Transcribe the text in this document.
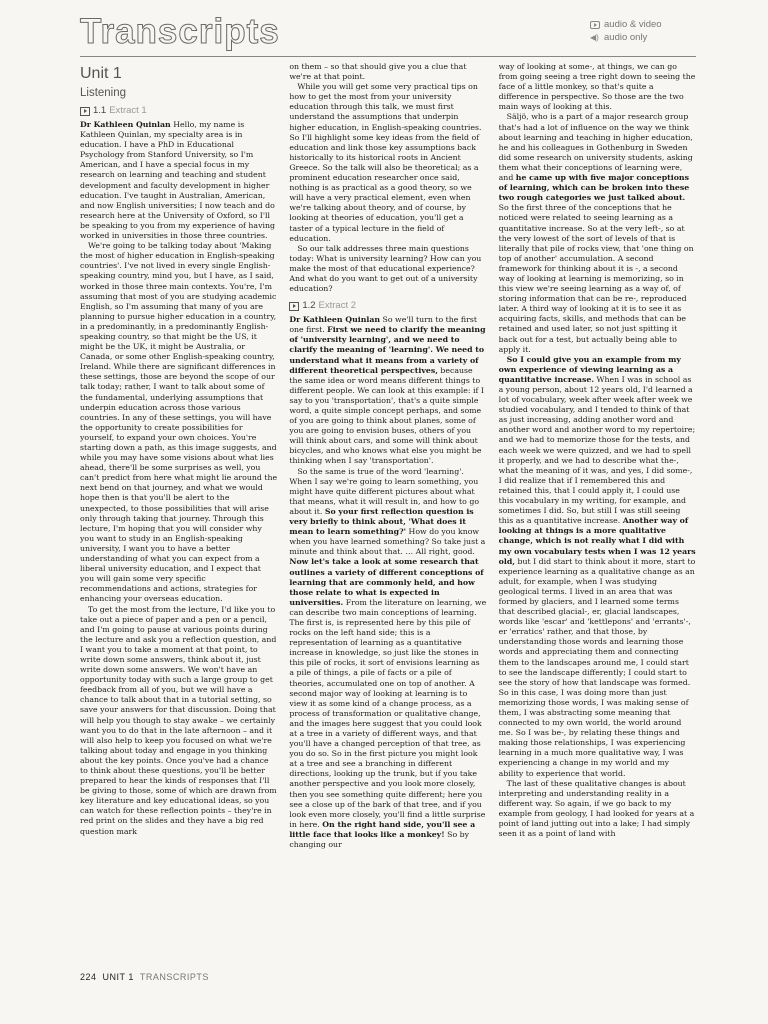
Transcripts	audio & video
◀) audio only
Unit 1
Listening
1.1 Extract 1

Dr Kathleen Quinlan Hello, my name is Kathleen Quinlan, my specialty area is in education. I have a PhD in Educational Psychology from Stanford University, so I'm American, and I have a special focus in my research on learning and teaching and student development and faculty development in higher education. I've taught in Australian, American, and now English universities; I now teach and do research here at the University of Oxford, so I'll be speaking to you from my experience of having worked in universities in those three countries.

We're going to be talking today about 'Making the most of higher education in English-speaking countries'. I've not lived in every single English-speaking country, mind you, but I have, as I said, worked in those three main contexts. You're, I'm assuming that most of you are studying academic English, so I'm assuming that many of you are planning to pursue higher education in a country, in a predominantly, in a predominantly English-speaking country, so that might be the US, it might be the UK, it might be Australia, or Canada, or some other English-speaking country, Ireland. While there are significant differences in these settings, those are beyond the scope of our talk today; rather, I want to talk about some of the fundamental, underlying assumptions that underpin education across those various countries. In any of these settings, you will have the opportunity to create possibilities for yourself, to expand your own choices. You're starting down a path, as this image suggests, and while you may have some visions about what lies ahead, there'll be some surprises as well, you can't predict from here what might lie around the next bend on that journey, and what we would hope then is that you'll be alert to the unexpected, to those possibilities that will arise only through taking that journey. Through this lecture, I'm hoping that you will consider why you want to study in an English-speaking university, I want you to have a better understanding of what you can expect from a liberal university education, and I expect that you will gain some very specific recommendations and actions, strategies for enhancing your overseas education.

To get the most from the lecture, I'd like you to take out a piece of paper and a pen or a pencil, and I'm going to pause at various points during the lecture and ask you a reflection question, and I want you to take a moment at that point, to write down some answers, think about it, just write down some answers. We won't have an opportunity today with such a large group to get feedback from all of you, but we will have a chance to talk about that in a tutorial setting, so save your answers for that discussion. Doing that will help you though to stay awake – we certainly want you to do that in the late afternoon – and it will also help to keep you focused on what we're talking about today and engage in you thinking about the key points. Once you've had a chance to think about these questions, you'll be better prepared to hear the kinds of responses that I'll be giving to those, some of which are drawn from key literature and key educational ideas, so you can watch for these reflection points – they're in red print on the slides and they have a big red question mark

on them – so that should give you a clue that we're at that point.

While you will get some very practical tips on how to get the most from your university education through this talk, we must first understand the assumptions that underpin higher education, in English-speaking countries. So I'll highlight some key ideas from the field of education and link those key assumptions back historically to its historical roots in Ancient Greece. So the talk will also be theoretical; as a prominent education researcher once said, nothing is as practical as a good theory, so we will have a very practical element, even when we're talking about theory, and of course, by looking at theories of education, you'll get a taster of a typical lecture in the field of education.

So our talk addresses three main questions today: What is university learning? How can you make the most of that educational experience? And what do you want to get out of a university education?

1.2 Extract 2

Dr Kathleen Quinlan So we'll turn to the first one first. First we need to clarify the meaning of 'university learning', and we need to clarify the meaning of 'learning'. We need to understand what it means from a variety of different theoretical perspectives, because the same idea or word means different things to different people. We can look at this example: if I say to you 'transportation', that's a quite simple word, a quite simple concept perhaps, and some of you are going to think about planes, some of you are going to envision buses, others of you will think about cars, and some will think about bicycles, and who knows what else you might be thinking when I say 'transportation'.

So the same is true of the word 'learning'. When I say we're going to learn something, you might have quite different pictures about what that means, what it will result in, and how to go about it. So your first reflection question is very briefly to think about, 'What does it mean to learn something?' How do you know when you have learned something? So take just a minute and think about that. … All right, good. Now let's take a look at some research that outlines a variety of different conceptions of learning that are commonly held, and how those relate to what is expected in universities. From the literature on learning, we can describe two main conceptions of learning. The first is, is represented here by this pile of rocks on the left hand side; this is a representation of learning as a quantitative increase in knowledge, so just like the stones in this pile of rocks, it sort of envisions learning as a pile of things, a pile of facts or a pile of theories, accumulated one on top of another. A second major way of looking at learning is to view it as some kind of a change process, as a process of transformation or qualitative change, and the images here suggest that you could look at a tree in a variety of different ways, and that you'll have a changed perception of that tree, as you do so. So in the first picture you might look at a tree and see a branching in different directions, looking up the trunk, but if you take another perspective and you look more closely, then you see something quite different; here you see a close up of the bark of that tree, and if you look even more closely, you'll find a little surprise in here. On the right hand side, you'll see a little face that looks like a monkey! So by changing our

way of looking at some-, at things, we can go from going seeing a tree right down to seeing the face of a little monkey, so that's quite a difference in perspective. So those are the two main ways of looking at this.

Säljö, who is a part of a major research group that's had a lot of influence on the way we think about learning and teaching in higher education, he and his colleagues in Gothenburg in Sweden did some research on university students, asking them what their conceptions of learning were, and he came up with five major conceptions of learning, which can be broken into these two rough categories we just talked about. So the first three of the conceptions that he noticed were related to seeing learning as a quantitative increase. So at the very left-, so at the very lowest of the sort of levels of that is literally that pile of rocks view, that 'one thing on top of another' accumulation. A second framework for thinking about it is -, a second way of looking at learning is memorizing, so in this view we're seeing learning as a way of, of storing information that can be re-, reproduced later. A third way of looking at it is to see it as acquiring facts, skills, and methods that can be retained and used later, so not just spitting it back out for a test, but actually being able to apply it.

So I could give you an example from my own experience of viewing learning as a quantitative increase. When I was in school as a young person, about 12 years old, I'd learned a lot of vocabulary, week after week after week we studied vocabulary, and I tended to think of that as just increasing, adding another word and another word and another word to my repertoire; and we had to memorize those for the tests, and each week we were quizzed, and we had to spell it properly, and we had to describe what the-, what the meaning of it was, and yes, I did some-, I did realize that if I remembered this and retained this, that I could apply it, I could use this vocabulary in my writing, for example, and sometimes I did. So, but still I was still seeing this as a quantitative increase. Another way of looking at things is a more qualitative change, which is not really what I did with my own vocabulary tests when I was 12 years old, but I did start to think about it more, start to experience learning as a qualitative change as an adult, for example, when I was studying geological terms. I lived in an area that was formed by glaciers, and I learned some terms that described glacial-, er, glacial landscapes, words like 'escar' and 'kettlepons' and 'errants'-, er 'erratics' rather, and that those, by understanding those words and learning those words and appreciating them and connecting them to the landscapes around me, I could start to see the landscape differently; I could start to see the story of how that landscape was formed. So in this case, I was doing more than just memorizing those words, I was making sense of them, I was abstracting some meaning that connected to my own world, the world around me. So I was be-, by relating these things and making those relationships, I was experiencing learning in a much more qualitative way, I was experiencing a change in my world and my ability to experience that world.

The last of these qualitative changes is about interpreting and understanding reality in a different way. So again, if we go back to my example from geology, I had looked for years at a point of land jutting out into a lake; I had simply seen it as a point of land with

224 UNIT 1 TRANSCRIPTS
